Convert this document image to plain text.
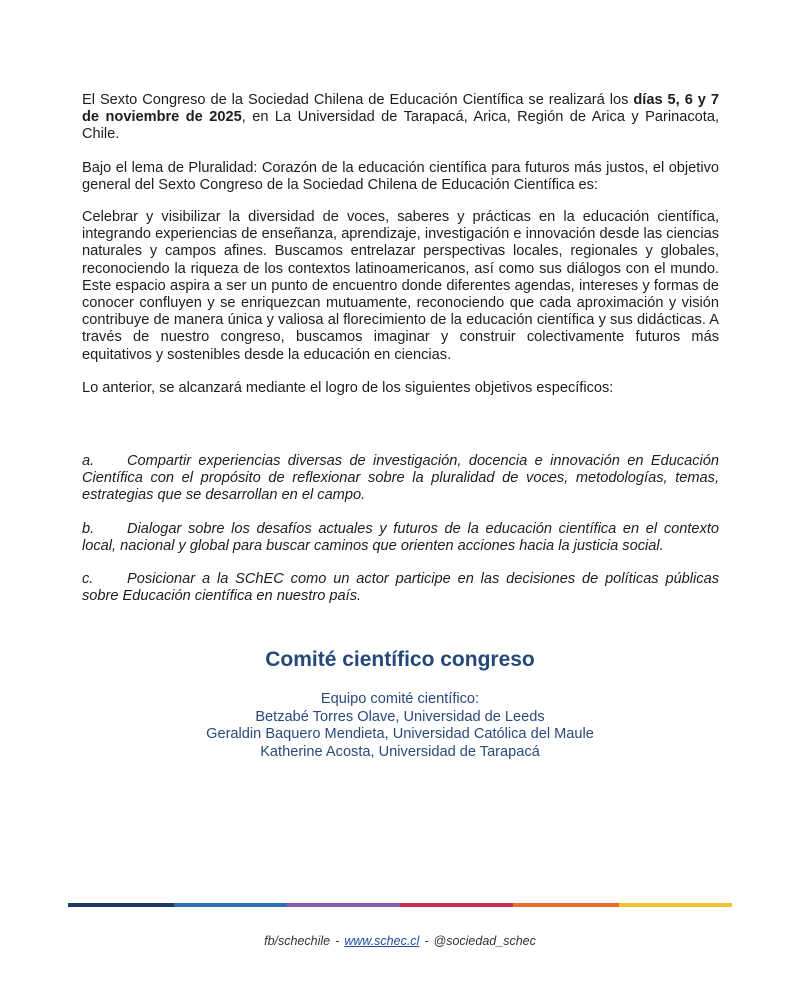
El Sexto Congreso de la Sociedad Chilena de Educación Científica se realizará los días 5, 6 y 7 de noviembre de 2025, en La Universidad de Tarapacá, Arica, Región de Arica y Parinacota, Chile.

Bajo el lema de Pluralidad: Corazón de la educación científica para futuros más justos, el objetivo general del Sexto Congreso de la Sociedad Chilena de Educación Científica es:

Celebrar y visibilizar la diversidad de voces, saberes y prácticas en la educación científica, integrando experiencias de enseñanza, aprendizaje, investigación e innovación desde las ciencias naturales y campos afines. Buscamos entrelazar perspectivas locales, regionales y globales, reconociendo la riqueza de los contextos latinoamericanos, así como sus diálogos con el mundo. Este espacio aspira a ser un punto de encuentro donde diferentes agendas, intereses y formas de conocer confluyen y se enriquezcan mutuamente, reconociendo que cada aproximación y visión contribuye de manera única y valiosa al florecimiento de la educación científica y sus didácticas. A través de nuestro congreso, buscamos imaginar y construir colectivamente futuros más equitativos y sostenibles desde la educación en ciencias.

Lo anterior, se alcanzará mediante el logro de los siguientes objetivos específicos:

a. Compartir experiencias diversas de investigación, docencia e innovación en Educación Científica con el propósito de reflexionar sobre la pluralidad de voces, metodologías, temas, estrategias que se desarrollan en el campo.

b. Dialogar sobre los desafíos actuales y futuros de la educación científica en el contexto local, nacional y global para buscar caminos que orienten acciones hacia la justicia social.

c. Posicionar a la SChEC como un actor participe en las decisiones de políticas públicas sobre Educación científica en nuestro país.

Comité científico congreso
Equipo comité científico:
Betzabé Torres Olave, Universidad de Leeds
Geraldin Baquero Mendieta, Universidad Católica del Maule
Katherine Acosta, Universidad de Tarapacá
fb/schechile - www.schec.cl - @sociedad_schec
